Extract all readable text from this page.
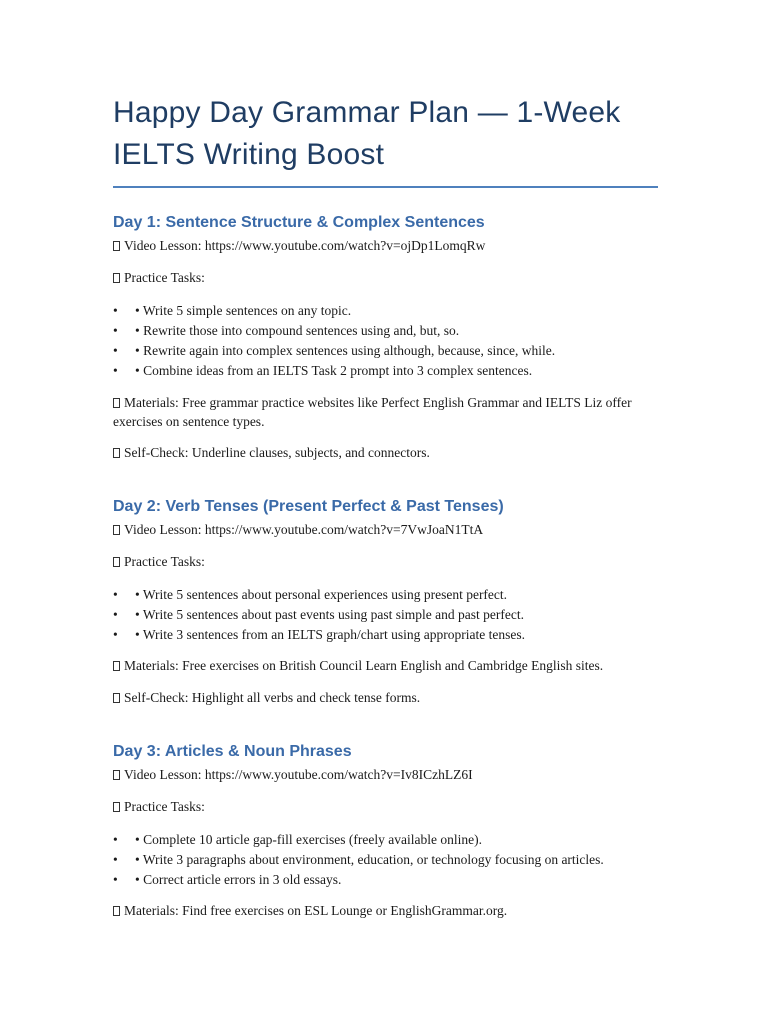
Happy Day Grammar Plan — 1-Week
IELTS Writing Boost
Day 1: Sentence Structure & Complex Sentences

Video Lesson: https://www.youtube.com/watch?v=ojDp1LomqRw

Practice Tasks:

• • Write 5 simple sentences on any topic.
• • Rewrite those into compound sentences using and, but, so.
• • Rewrite again into complex sentences using although, because, since, while.
• • Combine ideas from an IELTS Task 2 prompt into 3 complex sentences.

Materials: Free grammar practice websites like Perfect English Grammar and IELTS Liz offer exercises on sentence types.

Self-Check: Underline clauses, subjects, and connectors.

Day 2: Verb Tenses (Present Perfect & Past Tenses)

Video Lesson: https://www.youtube.com/watch?v=7VwJoaN1TtA

Practice Tasks:

• • Write 5 sentences about personal experiences using present perfect.
• • Write 5 sentences about past events using past simple and past perfect.
• • Write 3 sentences from an IELTS graph/chart using appropriate tenses.

Materials: Free exercises on British Council Learn English and Cambridge English sites.

Self-Check: Highlight all verbs and check tense forms.

Day 3: Articles & Noun Phrases

Video Lesson: https://www.youtube.com/watch?v=Iv8ICzhLZ6I

Practice Tasks:

• • Complete 10 article gap-fill exercises (freely available online).
• • Write 3 paragraphs about environment, education, or technology focusing on articles.
• • Correct article errors in 3 old essays.

Materials: Find free exercises on ESL Lounge or EnglishGrammar.org.
